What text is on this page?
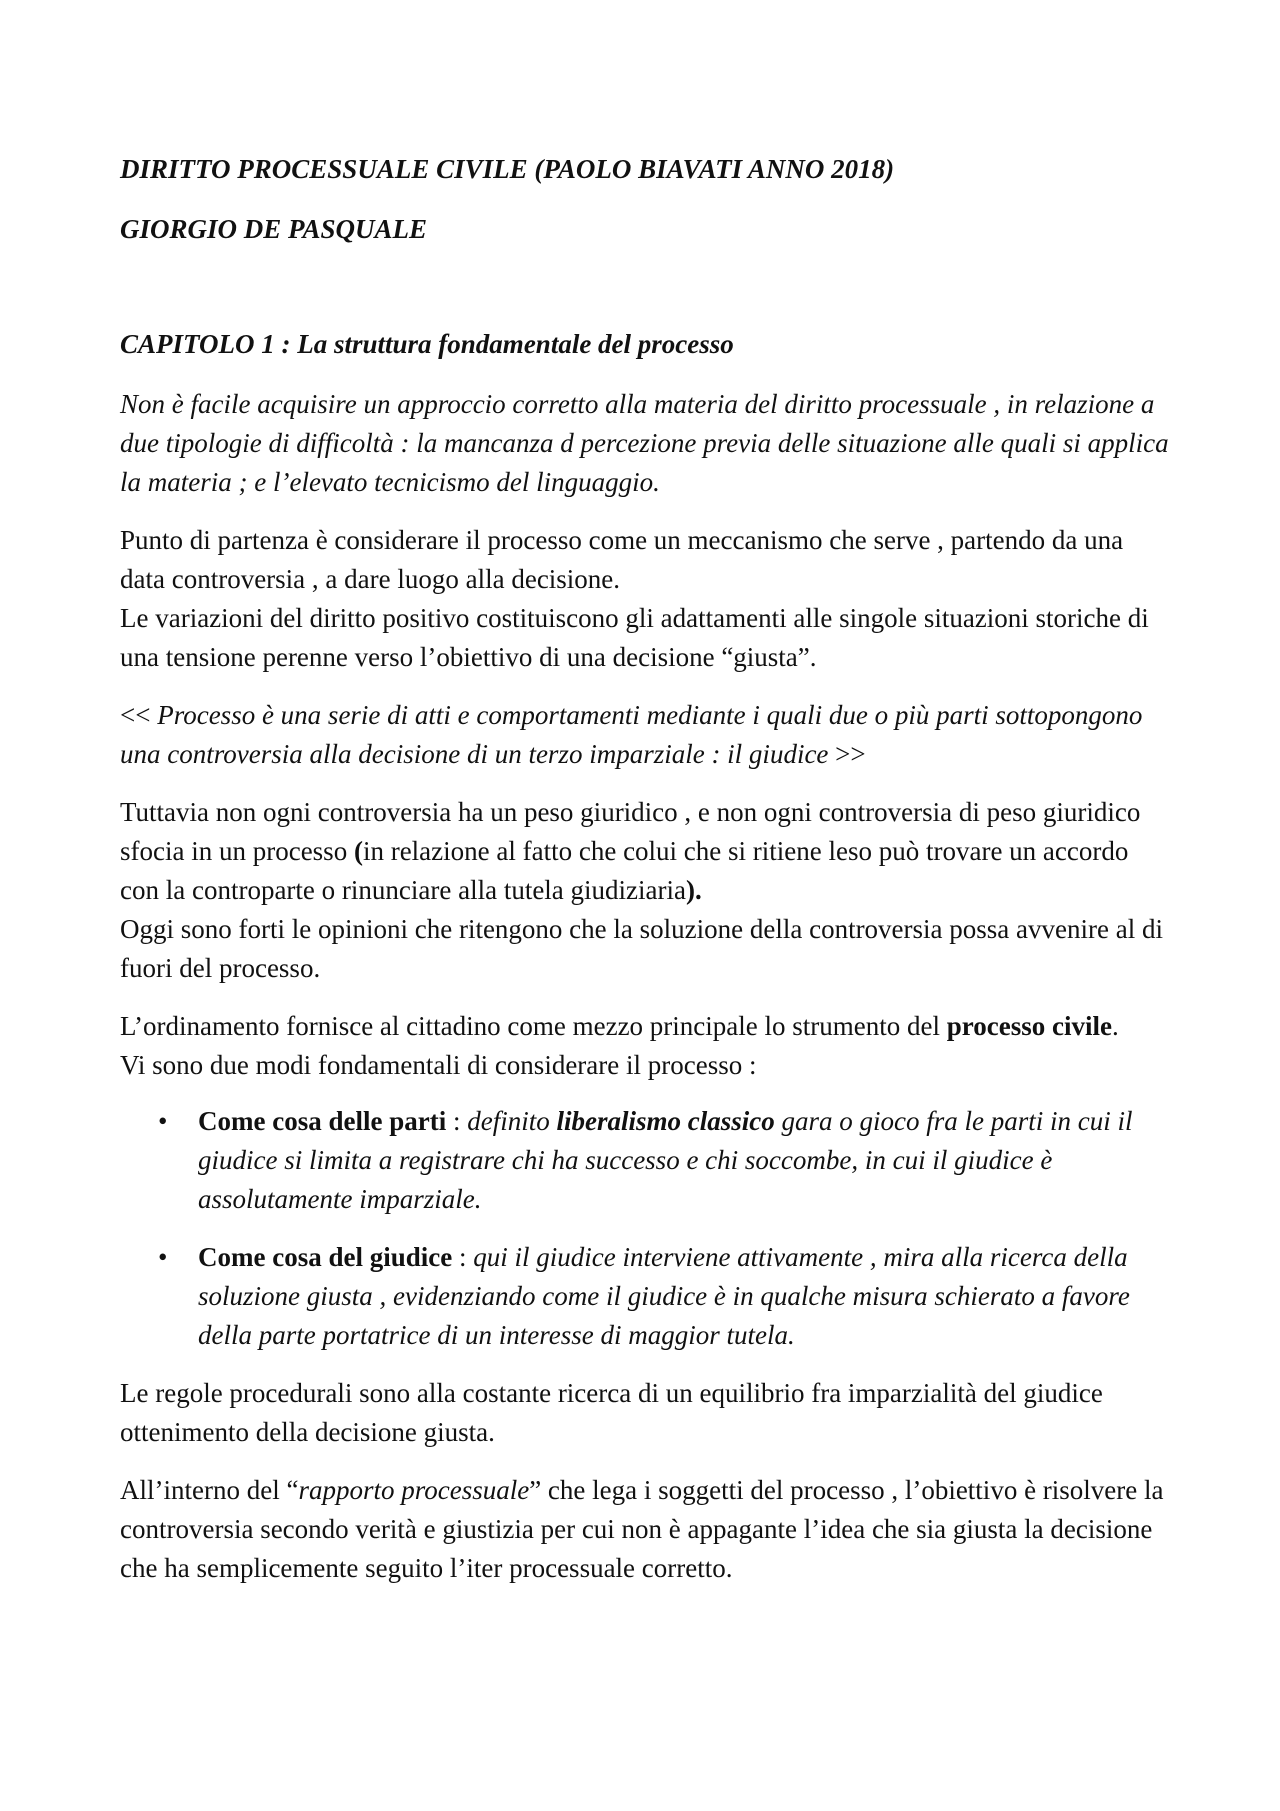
DIRITTO PROCESSUALE CIVILE (PAOLO BIAVATI ANNO 2018)
GIORGIO DE PASQUALE
CAPITOLO 1 : La struttura fondamentale del processo

Non è facile acquisire un approccio corretto alla materia del diritto processuale , in relazione a due tipologie di difficoltà : la mancanza d percezione previa delle situazione alle quali si applica la materia ; e l’elevato tecnicismo del linguaggio.

Punto di partenza è considerare il processo come un meccanismo che serve , partendo da una data controversia , a dare luogo alla decisione.
Le variazioni del diritto positivo costituiscono gli adattamenti alle singole situazioni storiche di una tensione perenne verso l’obiettivo di una decisione “giusta”.

<< Processo è una serie di atti e comportamenti mediante i quali due o più parti sottopongono una controversia alla decisione di un terzo imparziale : il giudice >>

Tuttavia non ogni controversia ha un peso giuridico , e non ogni controversia di peso giuridico sfocia in un processo (in relazione al fatto che colui che si ritiene leso può trovare un accordo con la controparte o rinunciare alla tutela giudiziaria).
Oggi sono forti le opinioni che ritengono che la soluzione della controversia possa avvenire al di fuori del processo.

L’ordinamento fornisce al cittadino come mezzo principale lo strumento del processo civile.
Vi sono due modi fondamentali di considerare il processo :

• Come cosa delle parti : definito liberalismo classico gara o gioco fra le parti in cui il giudice si limita a registrare chi ha successo e chi soccombe, in cui il giudice è assolutamente imparziale.
• Come cosa del giudice : qui il giudice interviene attivamente , mira alla ricerca della soluzione giusta , evidenziando come il giudice è in qualche misura schierato a favore della parte portatrice di un interesse di maggior tutela.

Le regole procedurali sono alla costante ricerca di un equilibrio fra imparzialità del giudice ottenimento della decisione giusta.

All’interno del “rapporto processuale” che lega i soggetti del processo , l’obiettivo è risolvere la controversia secondo verità e giustizia per cui non è appagante l’idea che sia giusta la decisione che ha semplicemente seguito l’iter processuale corretto.
